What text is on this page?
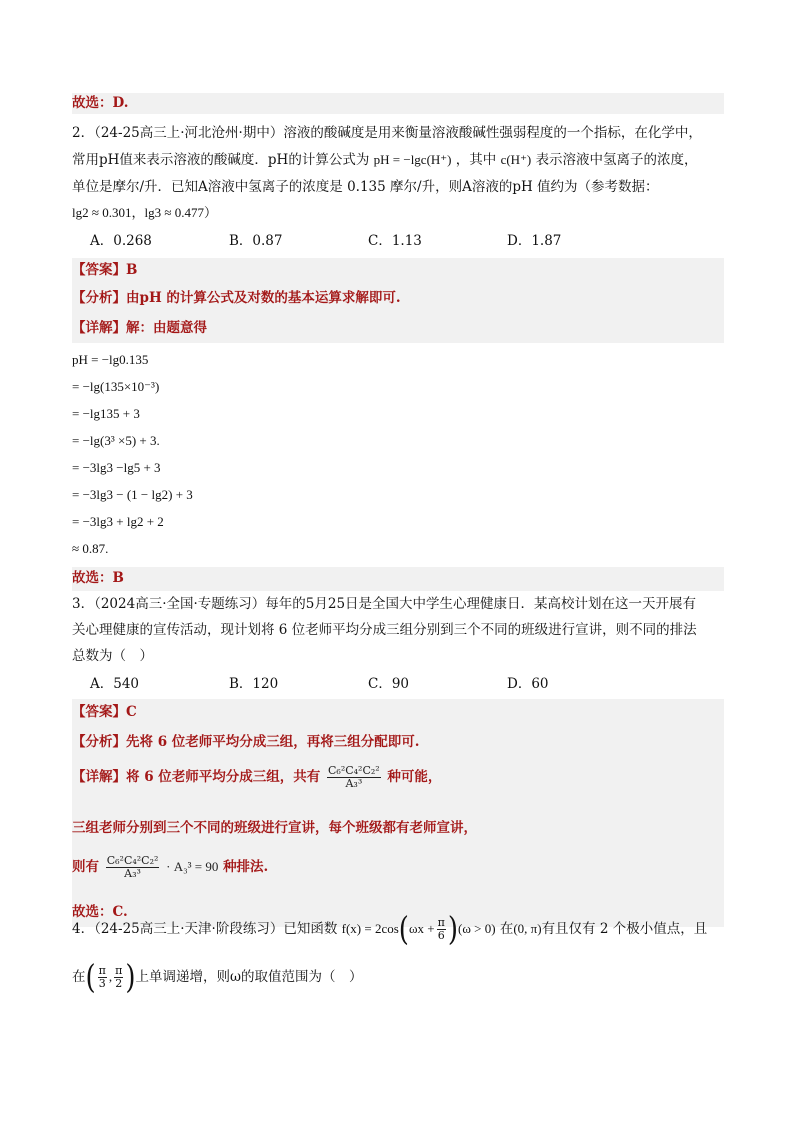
故选：D.
2．（24-25高三上·河北沧州·期中）溶液的酸碱度是用来衡量溶液酸碱性强弱程度的一个指标，在化学中，
常用pH值来表示溶液的酸碱度．pH的计算公式为 pH = −lgc(H⁺) ，其中 c(H⁺) 表示溶液中氢离子的浓度，
单位是摩尔/升．已知A溶液中氢离子的浓度是 0.135 摩尔/升，则A溶液的pH 值约为（参考数据：
lg2 ≈ 0.301，lg3 ≈ 0.477）
A．0.268	B．0.87	C．1.13	D．1.87
【答案】B
【分析】由pH 的计算公式及对数的基本运算求解即可.
【详解】解：由题意得
pH = −lg0.135
= −lg(135×10⁻³)
= −lg135 + 3
= −lg(3³ ×5) + 3.
= −3lg3 −lg5 + 3
= −3lg3 − (1 − lg2) + 3
= −3lg3 + lg2 + 2
≈ 0.87.
故选：B
3．（2024高三·全国·专题练习）每年的5月25日是全国大中学生心理健康日．某高校计划在这一天开展有
关心理健康的宣传活动，现计划将 6 位老师平均分成三组分别到三个不同的班级进行宣讲，则不同的排法
总数为（　）
A．540	B．120	C．90	D．60
【答案】C
【分析】先将 6 位老师平均分成三组，再将三组分配即可.
【详解】将 6 位老师平均分成三组，共有 $\frac{\text{C₆²C₄²C₂²}}{\text{A₃³}}$ 种可能，
三组老师分别到三个不同的班级进行宣讲，每个班级都有老师宣讲，
则有 $\frac{\text{C₆²C₄²C₂²}}{\text{A₃³}} \cdot A_3^3 = 90$ 种排法.
故选：C.
4．（24-25高三上·天津·阶段练习）已知函数 $f(x) = 2\cos(\omega x + \frac{\pi}{6} )(\omega > 0)$ 在(0, π)有且仅有 2 个极小值点，且
在( $\frac{\pi}{3}$ , $\frac{\pi}{2}$ )上单调递增，则ω的取值范围为（　）
